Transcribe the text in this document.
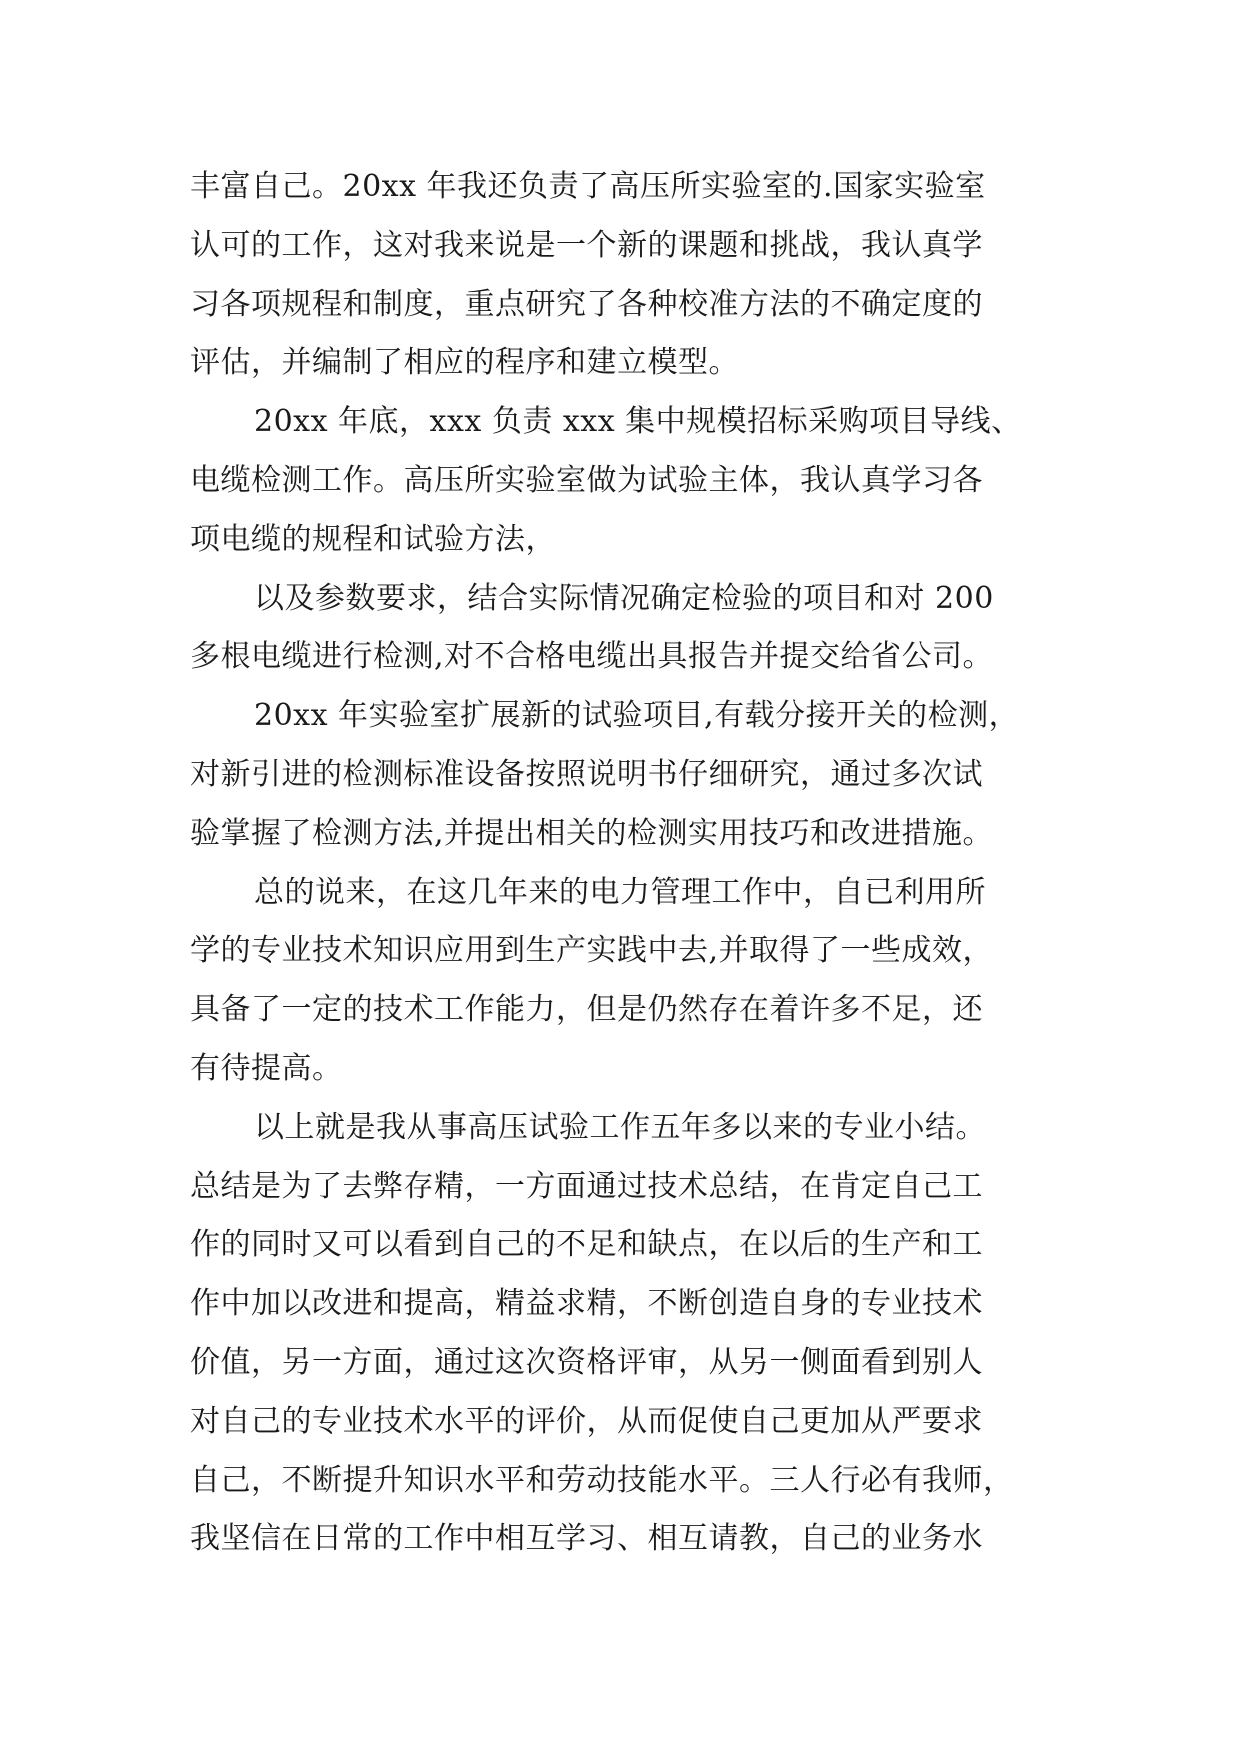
丰富自己。20xx 年我还负责了高压所实验室的.国家实验室
认可的工作，这对我来说是一个新的课题和挑战，我认真学
习各项规程和制度，重点研究了各种校准方法的不确定度的
评估，并编制了相应的程序和建立模型。
20xx 年底，xxx 负责 xxx 集中规模招标采购项目导线、
电缆检测工作。高压所实验室做为试验主体，我认真学习各
项电缆的规程和试验方法，
以及参数要求，结合实际情况确定检验的项目和对 200
多根电缆进行检测,对不合格电缆出具报告并提交给省公司。
20xx 年实验室扩展新的试验项目,有载分接开关的检测，
对新引进的检测标准设备按照说明书仔细研究，通过多次试
验掌握了检测方法,并提出相关的检测实用技巧和改进措施。
总的说来，在这几年来的电力管理工作中，自已利用所
学的专业技术知识应用到生产实践中去,并取得了一些成效，
具备了一定的技术工作能力，但是仍然存在着许多不足，还
有待提高。
以上就是我从事高压试验工作五年多以来的专业小结。
总结是为了去弊存精，一方面通过技术总结，在肯定自己工
作的同时又可以看到自己的不足和缺点，在以后的生产和工
作中加以改进和提高，精益求精，不断创造自身的专业技术
价值，另一方面，通过这次资格评审，从另一侧面看到别人
对自己的专业技术水平的评价，从而促使自己更加从严要求
自己，不断提升知识水平和劳动技能水平。三人行必有我师，
我坚信在日常的工作中相互学习、相互请教，自己的业务水
